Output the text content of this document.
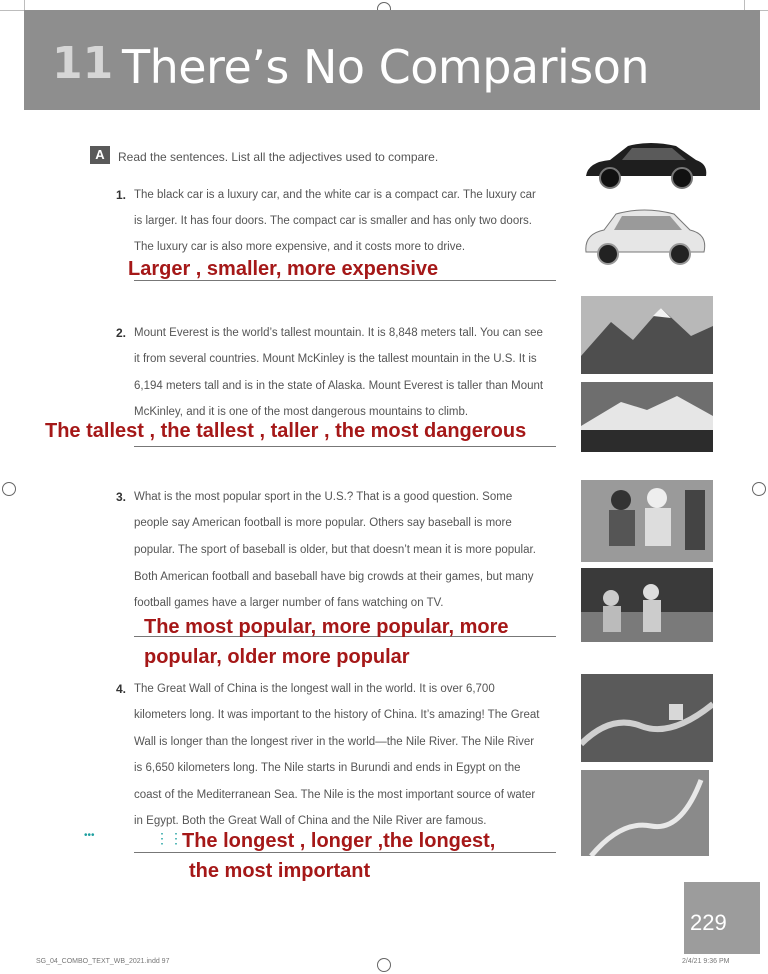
11 There’s No Comparison
A	Read the sentences. List all the adjectives used to compare.
1. The black car is a luxury car, and the white car is a compact car. The luxury car
is larger. It has four doors. The compact car is smaller and has only two doors.
The luxury car is also more expensive, and it costs more to drive.
Larger , smaller, more expensive
2. Mount Everest is the world’s tallest mountain. It is 8,848 meters tall. You can see
it from several countries. Mount McKinley is the tallest mountain in the U.S. It is
6,194 meters tall and is in the state of Alaska. Mount Everest is taller than Mount
McKinley, and it is one of the most dangerous mountains to climb.
The tallest , the tallest , taller , the most dangerous
3. What is the most popular sport in the U.S.? That is a good question. Some
people say American football is more popular. Others say baseball is more
popular. The sport of baseball is older, but that doesn’t mean it is more popular.
Both American football and baseball have big crowds at their games, but many
football games have a larger number of fans watching on TV.
The most popular, more popular, more
popular, older more popular
4. The Great Wall of China is the longest wall in the world. It is over 6,700
kilometers long. It was important to the history of China. It’s amazing! The Great
Wall is longer than the longest river in the world—the Nile River. The Nile River
is 6,650 kilometers long. The Nile starts in Burundi and ends in Egypt on the
coast of the Mediterranean Sea. The Nile is the most important source of water
in Egypt. Both the Great Wall of China and the Nile River are famous.
•••	⋮⋮ The longest , longer ,the longest,
the most important
229
SG_04_COMBO_TEXT_WB_2021.indd 97	2/4/21 9:36 PM
